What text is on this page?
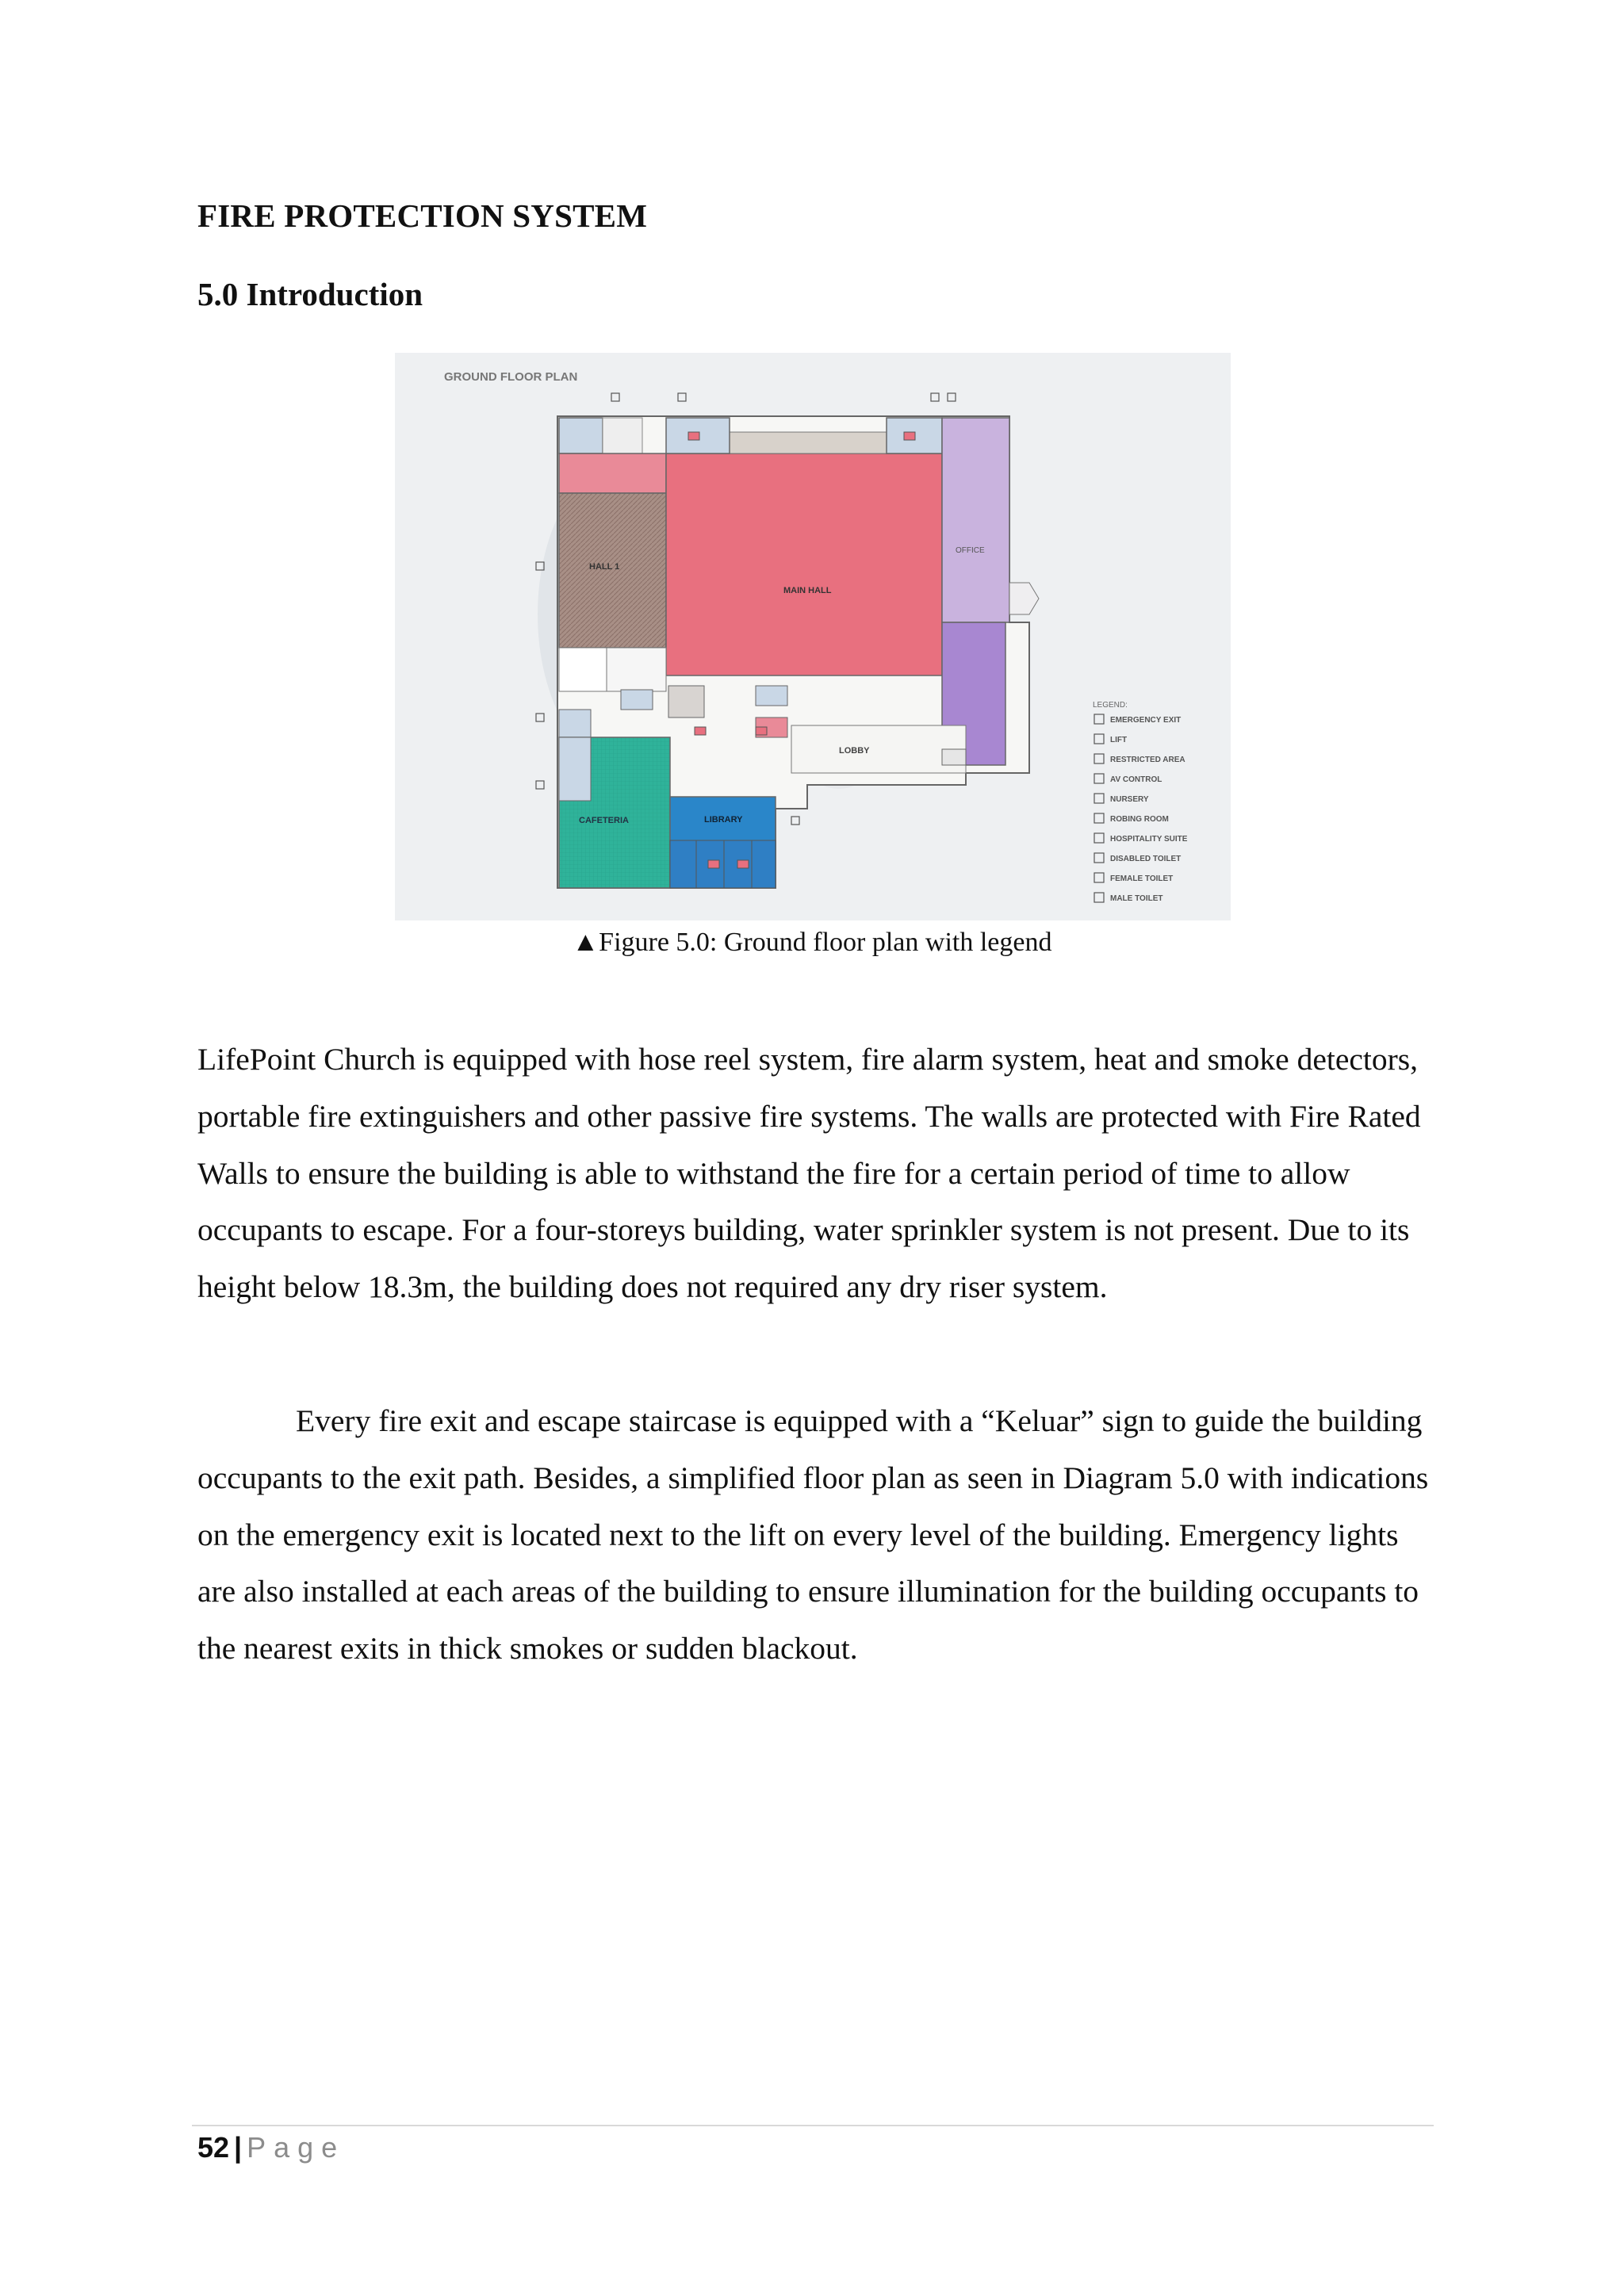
FIRE PROTECTION SYSTEM
5.0 Introduction
GROUND FLOOR PLAN
HALL 1
MAIN HALL
OFFICE
LOBBY
CAFETERIA	LIBRARY
LEGEND:
EMERGENCY EXIT
LIFT
RESTRICTED AREA
AV CONTROL
NURSERY
ROBING ROOM
HOSPITALITY SUITE
DISABLED TOILET
FEMALE TOILET
MALE TOILET
▲Figure 5.0: Ground floor plan with legend

LifePoint Church is equipped with hose reel system, fire alarm system, heat and smoke detectors, portable fire extinguishers and other passive fire systems. The walls are protected with Fire Rated Walls to ensure the building is able to withstand the fire for a certain period of time to allow occupants to escape. For a four-storeys building, water sprinkler system is not present. Due to its height below 18.3m, the building does not required any dry riser system.

Every fire exit and escape staircase is equipped with a “Keluar” sign to guide the building occupants to the exit path. Besides, a simplified floor plan as seen in Diagram 5.0 with indications on the emergency exit is located next to the lift on every level of the building. Emergency lights are also installed at each areas of the building to ensure illumination for the building occupants to the nearest exits in thick smokes or sudden blackout.

52 | Page
